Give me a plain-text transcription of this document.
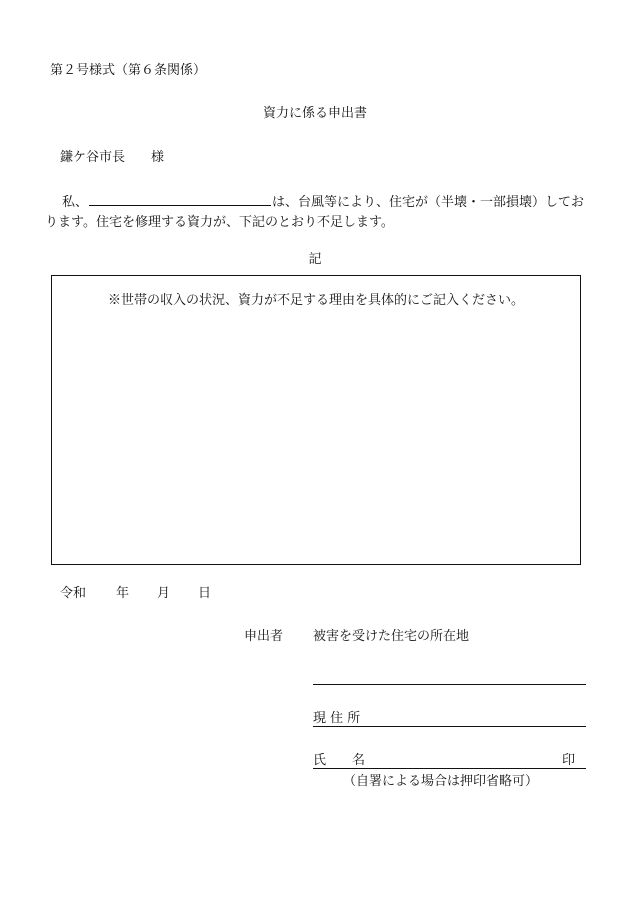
第２号様式（第６条関係）
資力に係る申出書
鎌ケ谷市長 様
私、	は、台風等により、住宅が（半壊・一部損壊）しております。住宅を修理する資力が、下記のとおり不足します。
記
※世帯の収入の状況、資力が不足する理由を具体的にご記入ください。
令和 年 月 日
申出者 被害を受けた住宅の所在地
現 住 所
氏 名	印
（自署による場合は押印省略可）
